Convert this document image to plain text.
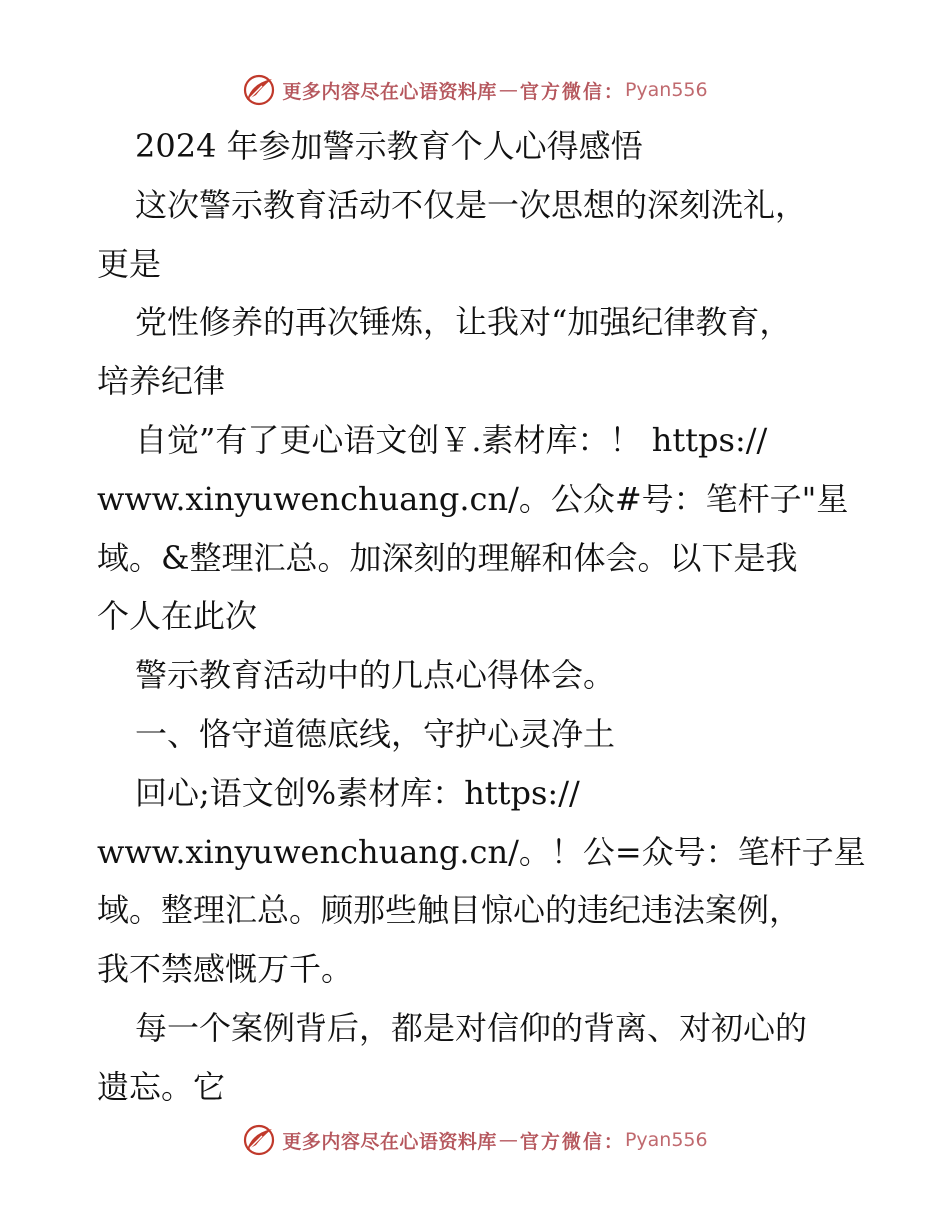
更多内容尽在心语资料库 — 官方微信： Pyan556
2024 年参加警示教育个人心得感悟
这次警示教育活动不仅是一次思想的深刻洗礼，
更是
党性修养的再次锤炼，让我对“加强纪律教育，
培养纪律
自觉”有了更心语文创￥.素材库：！ https://
www.xinyuwenchuang.cn/。公众#号：笔杆子"星
域。&整理汇总。加深刻的理解和体会。以下是我
个人在此次
警示教育活动中的几点心得体会。
一、恪守道德底线，守护心灵净土
回心;语文创%素材库：https://
www.xinyuwenchuang.cn/。！公=众号：笔杆子星
域。整理汇总。顾那些触目惊心的违纪违法案例，
我不禁感慨万千。
每一个案例背后，都是对信仰的背离、对初心的
遗忘。它
更多内容尽在心语资料库 — 官方微信： Pyan556
